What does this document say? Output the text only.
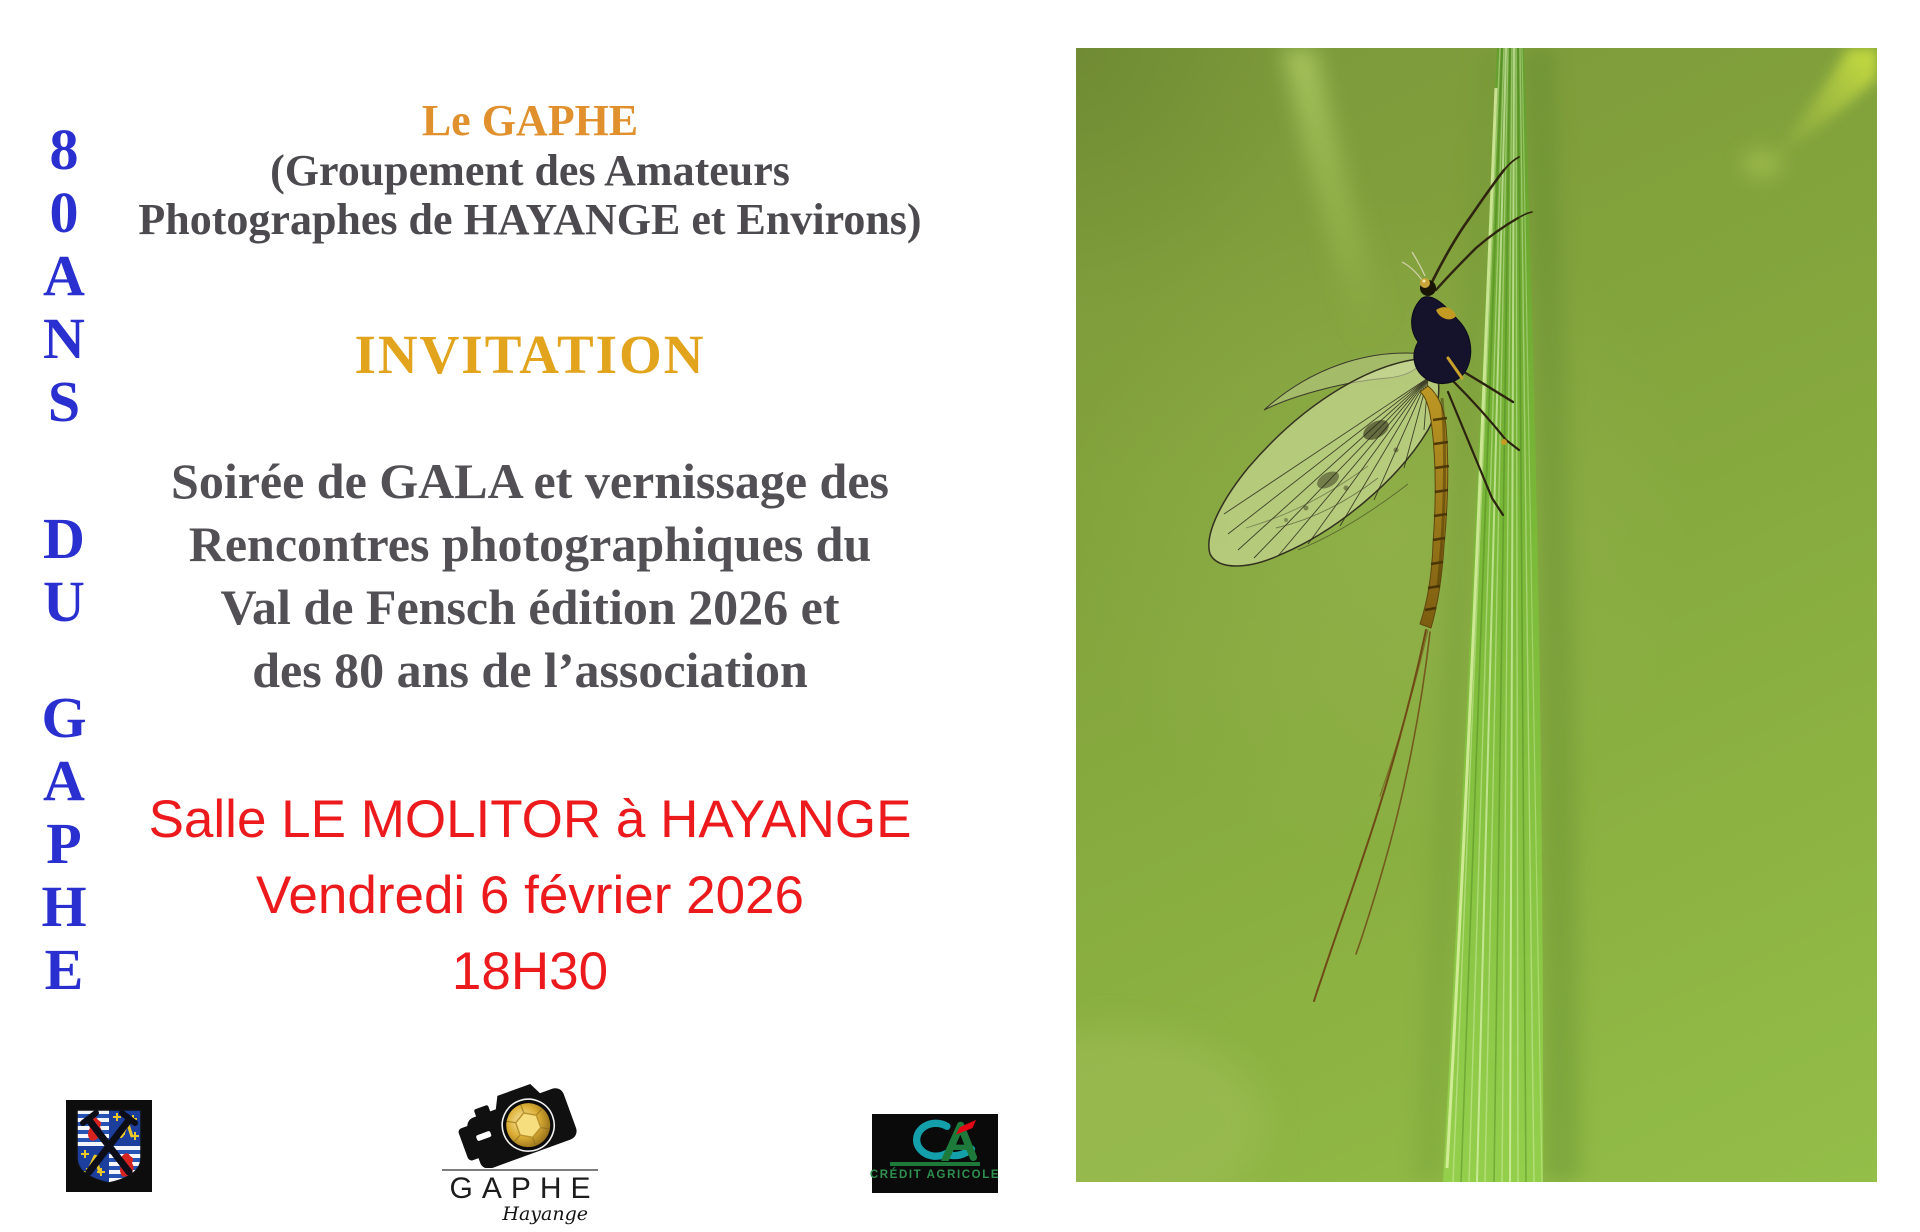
8
0
A
N
S
D
U
G
A
P
H
E
Le GAPHE
(Groupement des Amateurs
Photographes de HAYANGE et Environs)
INVITATION
Soirée de GALA et vernissage des
Rencontres photographiques du
Val de Fensch édition 2026 et
des 80 ans de l’association
Salle LE MOLITOR à HAYANGE
Vendredi 6 février 2026
18H30
GAPHE
Hayange
CRÉDIT AGRICOLE
